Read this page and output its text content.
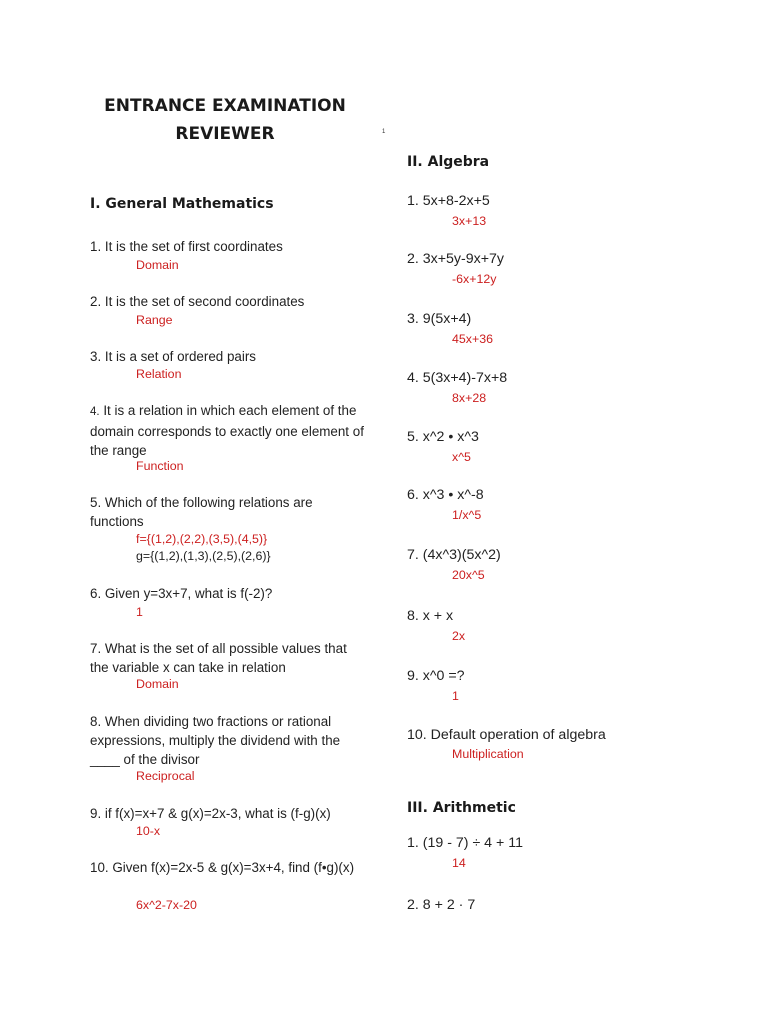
ENTRANCE EXAMINATION
REVIEWER	1
I. General Mathematics
1. It is the set of first coordinates
Domain
2. It is the set of second coordinates
Range
3. It is a set of ordered pairs
Relation
4. It is a relation in which each element of the domain corresponds to exactly one element of the range
Function
5. Which of the following relations are functions
f={(1,2),(2,2),(3,5),(4,5)}
g={(1,2),(1,3),(2,5),(2,6)}
6. Given y=3x+7, what is f(-2)?
1
7. What is the set of all possible values that the variable x can take in relation
Domain
8. When dividing two fractions or rational expressions, multiply the dividend with the ____ of the divisor
Reciprocal
9. if f(x)=x+7 & g(x)=2x-3, what is (f-g)(x)
10-x
10. Given f(x)=2x-5 & g(x)=3x+4, find (f•g)(x)
6x^2-7x-20
II. Algebra
1. 5x+8-2x+5
3x+13
2. 3x+5y-9x+7y
-6x+12y
3. 9(5x+4)
45x+36
4. 5(3x+4)-7x+8
8x+28
5. x^2 • x^3
x^5
6. x^3 • x^-8
1/x^5
7. (4x^3)(5x^2)
20x^5
8. x + x
2x
9. x^0 =?
1
10. Default operation of algebra
Multiplication
III. Arithmetic
1. (19 - 7) ÷ 4 + 11
14
2. 8 + 2 · 7
